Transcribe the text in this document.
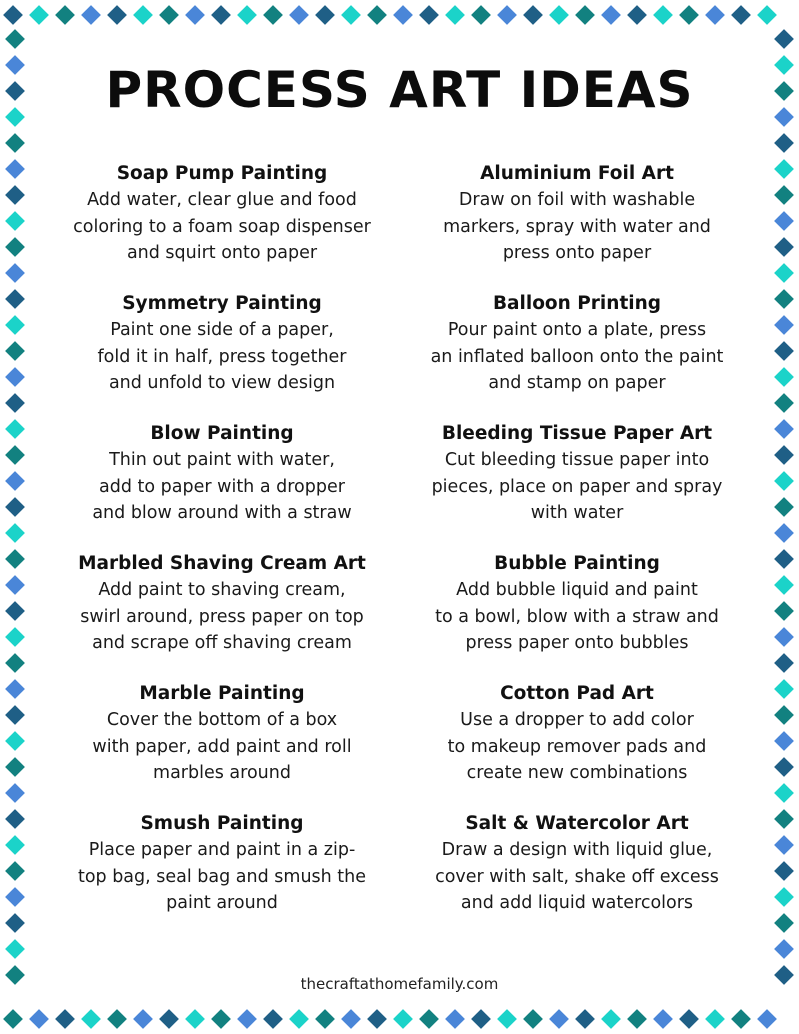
PROCESS ART IDEAS
Soap Pump Painting
Add water, clear glue and food
coloring to a foam soap dispenser
and squirt onto paper
Aluminium Foil Art
Draw on foil with washable
markers, spray with water and
press onto paper
Symmetry Painting
Paint one side of a paper,
fold it in half, press together
and unfold to view design
Balloon Printing
Pour paint onto a plate, press
an inflated balloon onto the paint
and stamp on paper
Blow Painting
Thin out paint with water,
add to paper with a dropper
and blow around with a straw
Bleeding Tissue Paper Art
Cut bleeding tissue paper into
pieces, place on paper and spray
with water
Marbled Shaving Cream Art
Add paint to shaving cream,
swirl around, press paper on top
and scrape off shaving cream
Bubble Painting
Add bubble liquid and paint
to a bowl, blow with a straw and
press paper onto bubbles
Marble Painting
Cover the bottom of a box
with paper, add paint and roll
marbles around
Cotton Pad Art
Use a dropper to add color
to makeup remover pads and
create new combinations
Smush Painting
Place paper and paint in a zip-
top bag, seal bag and smush the
paint around
Salt & Watercolor Art
Draw a design with liquid glue,
cover with salt, shake off excess
and add liquid watercolors
thecraftathomefamily.com
